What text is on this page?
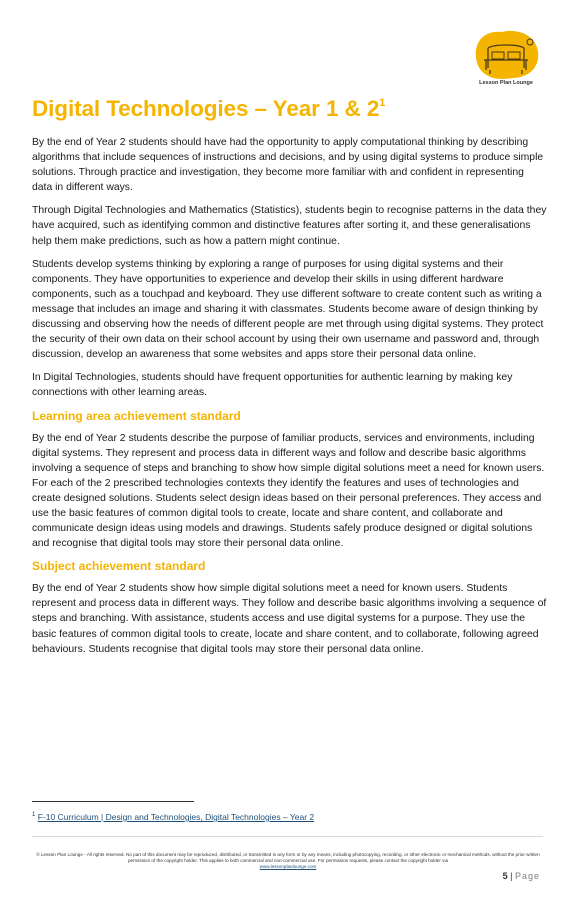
Lesson Plan Lounge
Digital Technologies – Year 1 & $2^1$

By the end of Year 2 students should have had the opportunity to apply computational thinking by describing algorithms that include sequences of instructions and decisions, and by using digital systems to produce simple solutions. Through practice and investigation, they become more familiar with and confident in representing data in different ways.

Through Digital Technologies and Mathematics (Statistics), students begin to recognise patterns in the data they have acquired, such as identifying common and distinctive features after sorting it, and these generalisations help them make predictions, such as how a pattern might continue.

Students develop systems thinking by exploring a range of purposes for using digital systems and their components. They have opportunities to experience and develop their skills in using different hardware components, such as a touchpad and keyboard. They use different software to create content such as writing a message that includes an image and sharing it with classmates. Students become aware of design thinking by discussing and observing how the needs of different people are met through using digital systems. They protect the security of their own data on their school account by using their own username and password and, through discussion, develop an awareness that some websites and apps store their personal data online.

In Digital Technologies, students should have frequent opportunities for authentic learning by making key connections with other learning areas.

Learning area achievement standard

By the end of Year 2 students describe the purpose of familiar products, services and environments, including digital systems. They represent and process data in different ways and follow and describe basic algorithms involving a sequence of steps and branching to show how simple digital solutions meet a need for known users. For each of the 2 prescribed technologies contexts they identify the features and uses of technologies and create designed solutions. Students select design ideas based on their personal preferences. They access and use the basic features of common digital tools to create, locate and share content, and collaborate and communicate design ideas using models and drawings. Students safely produce designed or digital solutions and recognise that digital tools may store their personal data online.

Subject achievement standard

By the end of Year 2 students show how simple digital solutions meet a need for known users. Students represent and process data in different ways. They follow and describe basic algorithms involving a sequence of steps and branching. With assistance, students access and use digital systems for a purpose. They use the basic features of common digital tools to create, locate and share content, and to collaborate, following agreed behaviours. Students recognise that digital tools may store their personal data online.

$^1$ F-10 Curriculum | Design and Technologies, Digital Technologies – Year 2
© Lesson Plan Lounge - All rights reserved. No part of this document may be reproduced, distributed, or transmitted in any form or by any means, including photocopying, recording, or other electronic or mechanical methods, without the prior written permission of the copyright holder. This applies to both commercial and non-commercial use. For permission requests, please contact the copyright holder via
www.lessonplanlounge.com
5 | Page
